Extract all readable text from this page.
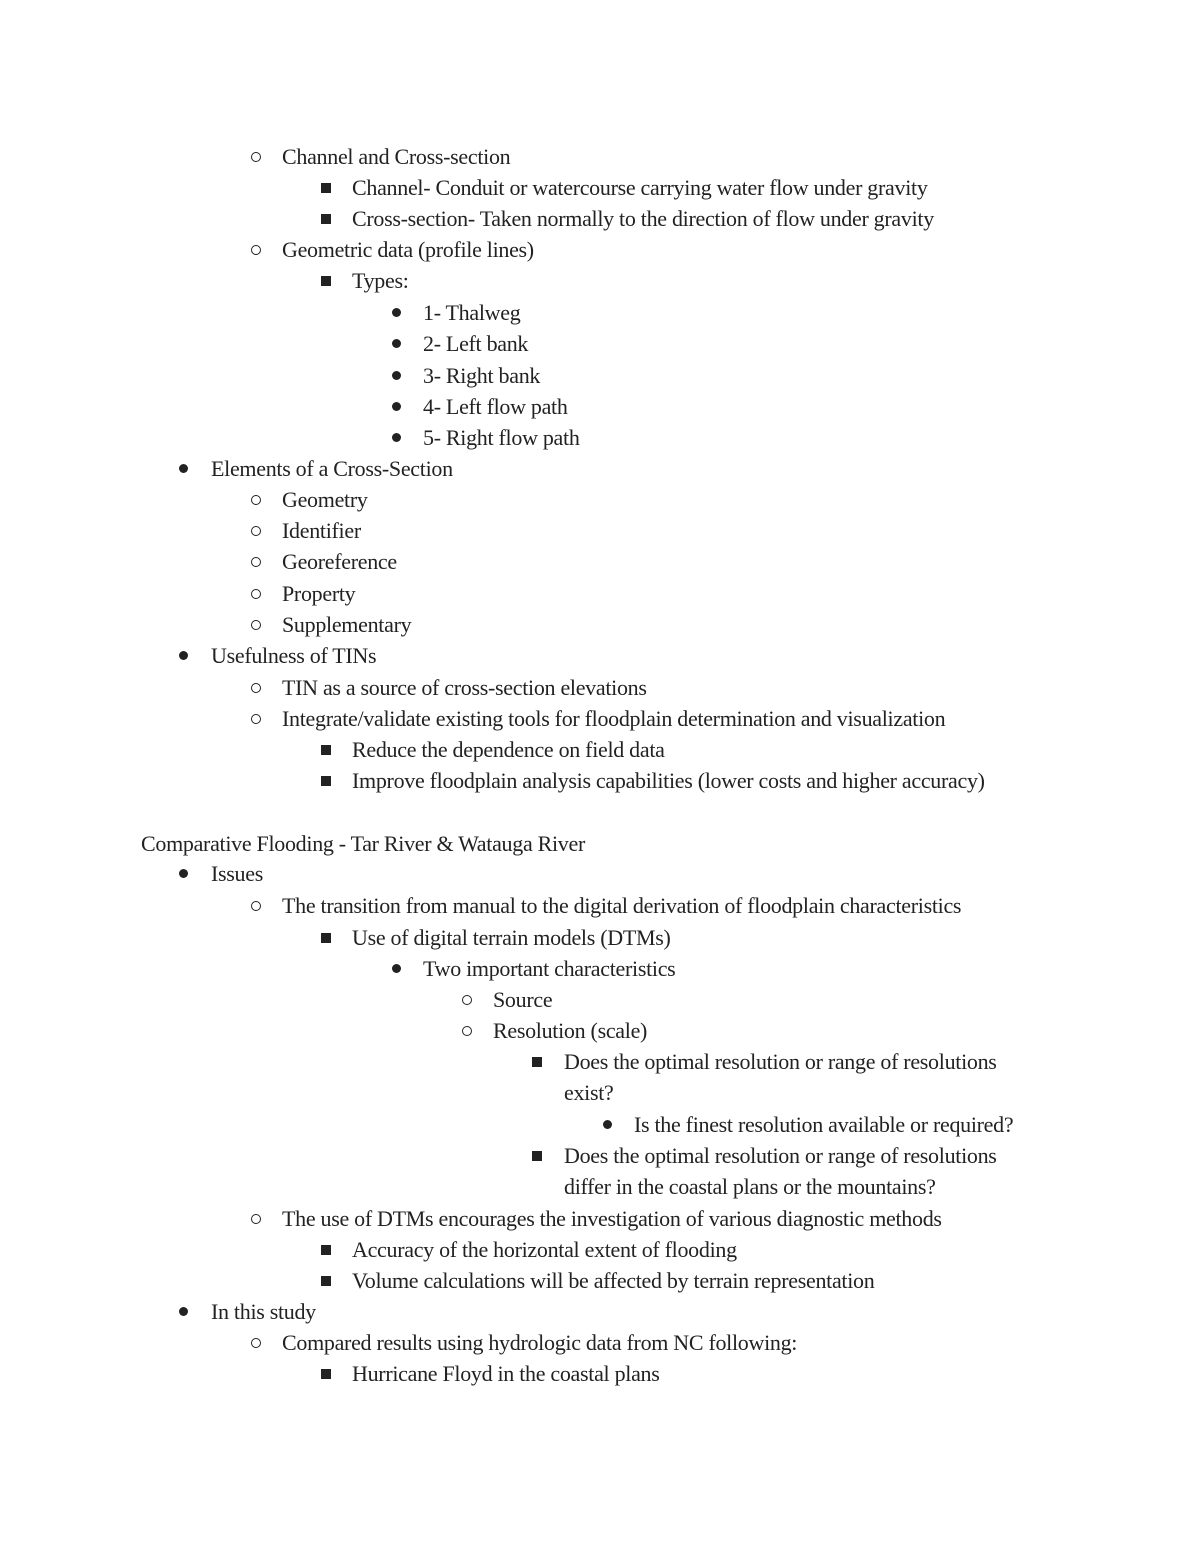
Channel and Cross-section
Channel- Conduit or watercourse carrying water flow under gravity
Cross-section- Taken normally to the direction of flow under gravity
Geometric data (profile lines)
Types:
1- Thalweg
2- Left bank
3- Right bank
4- Left flow path
5- Right flow path
Elements of a Cross-Section
Geometry
Identifier
Georeference
Property
Supplementary
Usefulness of TINs
TIN as a source of cross-section elevations
Integrate/validate existing tools for floodplain determination and visualization
Reduce the dependence on field data
Improve floodplain analysis capabilities (lower costs and higher accuracy)
Comparative Flooding - Tar River & Watauga River
Issues
The transition from manual to the digital derivation of floodplain characteristics
Use of digital terrain models (DTMs)
Two important characteristics
Source
Resolution (scale)
Does the optimal resolution or range of resolutions
exist?
Is the finest resolution available or required?
Does the optimal resolution or range of resolutions
differ in the coastal plans or the mountains?
The use of DTMs encourages the investigation of various diagnostic methods
Accuracy of the horizontal extent of flooding
Volume calculations will be affected by terrain representation
In this study
Compared results using hydrologic data from NC following:
Hurricane Floyd in the coastal plans
